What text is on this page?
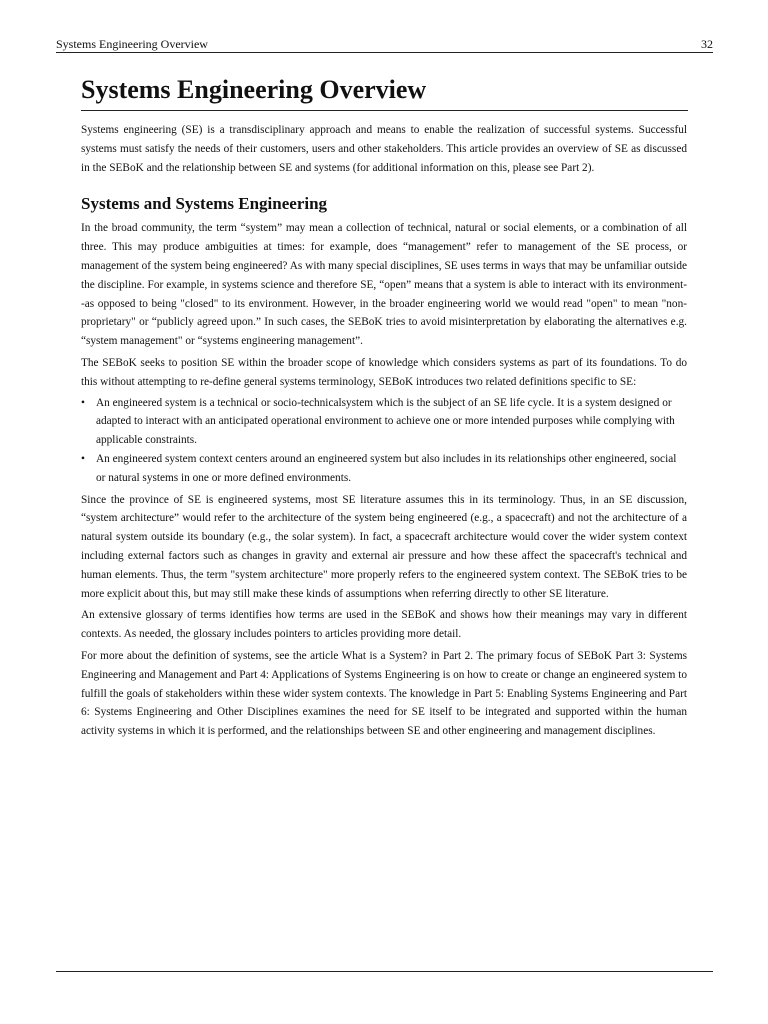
Systems Engineering Overview	32
Systems Engineering Overview

Systems engineering (SE) is a transdisciplinary approach and means to enable the realization of successful systems. Successful systems must satisfy the needs of their customers, users and other stakeholders. This article provides an overview of SE as discussed in the SEBoK and the relationship between SE and systems (for additional information on this, please see Part 2).

Systems and Systems Engineering

In the broad community, the term “system” may mean a collection of technical, natural or social elements, or a combination of all three. This may produce ambiguities at times: for example, does “management” refer to management of the SE process, or management of the system being engineered? As with many special disciplines, SE uses terms in ways that may be unfamiliar outside the discipline. For example, in systems science and therefore SE, “open” means that a system is able to interact with its environment--as opposed to being "closed" to its environment. However, in the broader engineering world we would read "open" to mean "non-proprietary" or “publicly agreed upon.” In such cases, the SEBoK tries to avoid misinterpretation by elaborating the alternatives e.g. “system management" or “systems engineering management”.

The SEBoK seeks to position SE within the broader scope of knowledge which considers systems as part of its foundations. To do this without attempting to re-define general systems terminology, SEBoK introduces two related definitions specific to SE:

• An engineered system is a technical or socio-technicalsystem which is the subject of an SE life cycle. It is a system designed or adapted to interact with an anticipated operational environment to achieve one or more intended purposes while complying with applicable constraints.
• An engineered system context centers around an engineered system but also includes in its relationships other engineered, social or natural systems in one or more defined environments.

Since the province of SE is engineered systems, most SE literature assumes this in its terminology. Thus, in an SE discussion, “system architecture” would refer to the architecture of the system being engineered (e.g., a spacecraft) and not the architecture of a natural system outside its boundary (e.g., the solar system). In fact, a spacecraft architecture would cover the wider system context including external factors such as changes in gravity and external air pressure and how these affect the spacecraft's technical and human elements. Thus, the term "system architecture" more properly refers to the engineered system context. The SEBoK tries to be more explicit about this, but may still make these kinds of assumptions when referring directly to other SE literature.

An extensive glossary of terms identifies how terms are used in the SEBoK and shows how their meanings may vary in different contexts. As needed, the glossary includes pointers to articles providing more detail.

For more about the definition of systems, see the article What is a System? in Part 2. The primary focus of SEBoK Part 3: Systems Engineering and Management and Part 4: Applications of Systems Engineering is on how to create or change an engineered system to fulfill the goals of stakeholders within these wider system contexts. The knowledge in Part 5: Enabling Systems Engineering and Part 6: Systems Engineering and Other Disciplines examines the need for SE itself to be integrated and supported within the human activity systems in which it is performed, and the relationships between SE and other engineering and management disciplines.
